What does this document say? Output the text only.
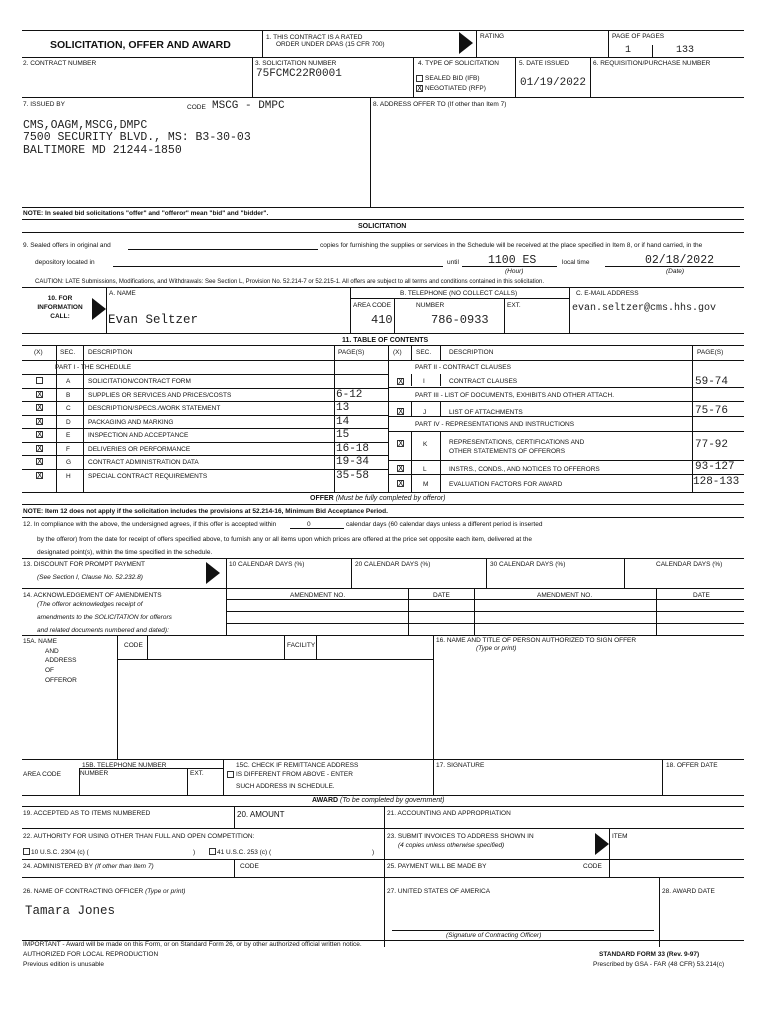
SOLICITATION, OFFER AND AWARD
1. THIS CONTRACT IS A RATED
ORDER UNDER DPAS (15 CFR 700)
RATING	PAGE OF PAGES
1	133
2. CONTRACT NUMBER	3. SOLICITATION NUMBER
75FCMC22R0001
4. TYPE OF SOLICITATION
SEALED BID (IFB)
X NEGOTIATED (RFP)
5. DATE ISSUED
01/19/2022
6. REQUISITION/PURCHASE NUMBER
7. ISSUED BY	CODE MSCG - DMPC	8. ADDRESS OFFER TO (If other than Item 7)
CMS,OAGM,MSCG,DMPC
7500 SECURITY BLVD., MS: B3-30-03
BALTIMORE MD 21244-1850
NOTE: In sealed bid solicitations "offer" and "offeror" mean "bid" and "bidder".
SOLICITATION
9. Sealed offers in original and	copies for furnishing the supplies or services in the Schedule will be received at the place specified in Item 8, or if hand carried, in the
depository located in	until	1100 ES	local time	02/18/2022
(Hour)	(Date)
CAUTION: LATE Submissions, Modifications, and Withdrawals: See Section L, Provision No. 52.214-7 or 52.215-1. All offers are subject to all terms and conditions contained in this solicitation.
10. FOR
INFORMATION
CALL:
A. NAME
Evan Seltzer
B. TELEPHONE (NO COLLECT CALLS)
AREA CODE	NUMBER	EXT.
410	786-0933
C. E-MAIL ADDRESS
evan.seltzer@cms.hhs.gov
11. TABLE OF CONTENTS
(X)	SEC. DESCRIPTION	PAGE(S)	(X) SEC.	DESCRIPTION	PAGE(S)
PART I - THE SCHEDULE	PART II - CONTRACT CLAUSES
A	SOLICITATION/CONTRACT FORM
X	B	SUPPLIES OR SERVICES AND PRICES/COSTS	6-12
X	C	DESCRIPTION/SPECS./WORK STATEMENT	13
X	D	PACKAGING AND MARKING	14
X	E	INSPECTION AND ACCEPTANCE	15
X	F	DELIVERIES OR PERFORMANCE	16-18
X	G	CONTRACT ADMINISTRATION DATA	19-34
X	H	SPECIAL CONTRACT REQUIREMENTS	35-58
X	I	CONTRACT CLAUSES	59-74
PART III - LIST OF DOCUMENTS, EXHIBITS AND OTHER ATTACH.
X	J	LIST OF ATTACHMENTS	75-76
PART IV - REPRESENTATIONS AND INSTRUCTIONS
X	K	REPRESENTATIONS, CERTIFICATIONS AND
OTHER STATEMENTS OF OFFERORS
77-92
X	L	INSTRS., CONDS., AND NOTICES TO OFFERORS	93-127
X	M	EVALUATION FACTORS FOR AWARD	128-133
OFFER (Must be fully completed by offeror)
NOTE: Item 12 does not apply if the solicitation includes the provisions at 52.214-16, Minimum Bid Acceptance Period.
12. In compliance with the above, the undersigned agrees, if this offer is accepted within	0	calendar days (60 calendar days unless a different period is inserted
by the offeror) from the date for receipt of offers specified above, to furnish any or all items upon which prices are offered at the price set opposite each item, delivered at the
designated point(s), within the time specified in the schedule.
13. DISCOUNT FOR PROMPT PAYMENT
(See Section I, Clause No. 52.232.8)
10 CALENDAR DAYS (%)	20 CALENDAR DAYS (%)	30 CALENDAR DAYS (%)	CALENDAR DAYS (%)
14. ACKNOWLEDGEMENT OF AMENDMENTS
(The offeror acknowledges receipt of
amendments to the SOLICITATION for offerors
and related documents numbered and dated):
AMENDMENT NO.	DATE	AMENDMENT NO.	DATE
15A. NAME
AND
ADDRESS
OF
OFFEROR
CODE	FACILITY
16. NAME AND TITLE OF PERSON AUTHORIZED TO SIGN OFFER
(Type or print)
15B. TELEPHONE NUMBER
AREA CODE	NUMBER	EXT.
15C. CHECK IF REMITTANCE ADDRESS
IS DIFFERENT FROM ABOVE - ENTER
SUCH ADDRESS IN SCHEDULE.
17. SIGNATURE	18. OFFER DATE
AWARD (To be completed by government)
19. ACCEPTED AS TO ITEMS NUMBERED	20. AMOUNT	21. ACCOUNTING AND APPROPRIATION
22. AUTHORITY FOR USING OTHER THAN FULL AND OPEN COMPETITION:
10 U.S.C. 2304 (c) (	)	41 U.S.C. 253 (c) (	)
23. SUBMIT INVOICES TO ADDRESS SHOWN IN
(4 copies unless otherwise specified)
ITEM
24. ADMINISTERED BY (If other than Item 7)	CODE	25. PAYMENT WILL BE MADE BY	CODE
26. NAME OF CONTRACTING OFFICER (Type or print)
Tamara Jones
27. UNITED STATES OF AMERICA
(Signature of Contracting Officer)
28. AWARD DATE
IMPORTANT - Award will be made on this Form, or on Standard Form 26, or by other authorized official written notice.
AUTHORIZED FOR LOCAL REPRODUCTION
Previous edition is unusable
STANDARD FORM 33 (Rev. 9-97)
Prescribed by GSA - FAR (48 CFR) 53.214(c)
